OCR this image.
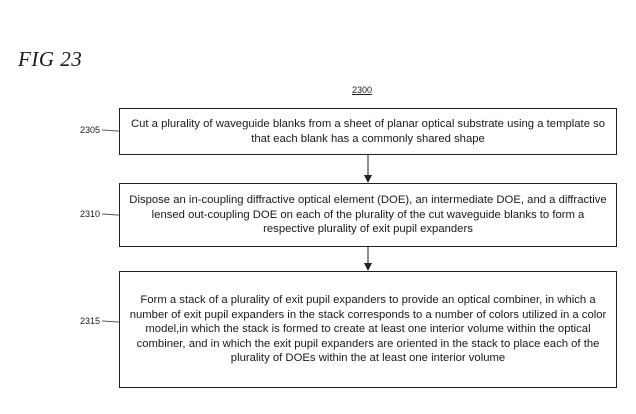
FIG 23
2300
2305
Cut a plurality of waveguide blanks from a sheet of planar optical substrate using a template so that each blank has a commonly shared shape
2310
Dispose an in-coupling diffractive optical element (DOE), an intermediate DOE, and a diffractive lensed out-coupling DOE on each of the plurality of the cut waveguide blanks to form a respective plurality of exit pupil expanders
2315
Form a stack of a plurality of exit pupil expanders to provide an optical combiner, in which a number of exit pupil expanders in the stack corresponds to a number of colors utilized in a color model,in which the stack is formed to create at least one interior volume within the optical combiner, and in which the exit pupil expanders are oriented in the stack to place each of the plurality of DOEs within the at least one interior volume
